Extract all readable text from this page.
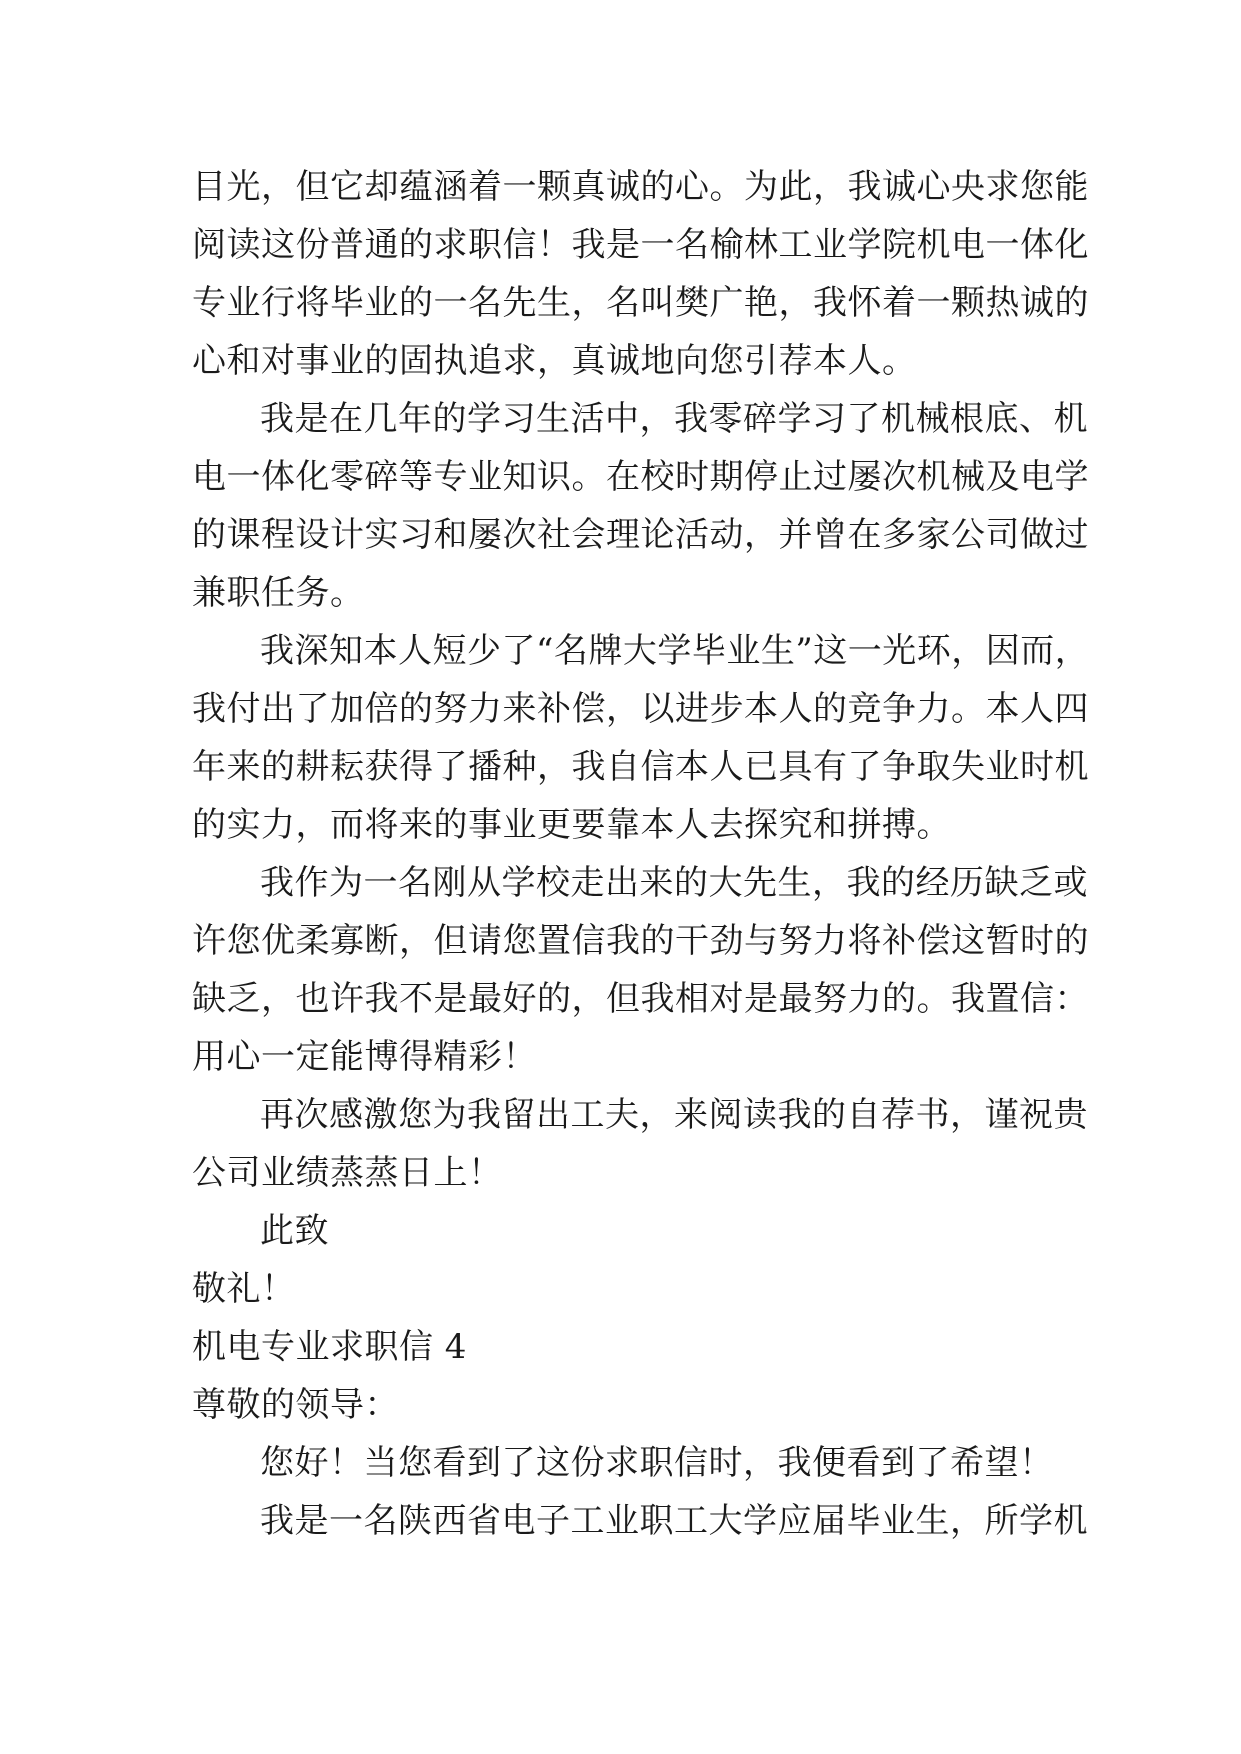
目光，但它却蕴涵着一颗真诚的心。为此，我诚心央求您能
阅读这份普通的求职信！我是一名榆林工业学院机电一体化
专业行将毕业的一名先生，名叫樊广艳，我怀着一颗热诚的
心和对事业的固执追求，真诚地向您引荐本人。
我是在几年的学习生活中，我零碎学习了机械根底、机
电一体化零碎等专业知识。在校时期停止过屡次机械及电学
的课程设计实习和屡次社会理论活动，并曾在多家公司做过
兼职任务。
我深知本人短少了“名牌大学毕业生”这一光环，因而，
我付出了加倍的努力来补偿，以进步本人的竞争力。本人四
年来的耕耘获得了播种，我自信本人已具有了争取失业时机
的实力，而将来的事业更要靠本人去探究和拼搏。
我作为一名刚从学校走出来的大先生，我的经历缺乏或
许您优柔寡断，但请您置信我的干劲与努力将补偿这暂时的
缺乏，也许我不是最好的，但我相对是最努力的。我置信：
用心一定能博得精彩！
再次感激您为我留出工夫，来阅读我的自荐书，谨祝贵
公司业绩蒸蒸日上！
此致
敬礼！
机电专业求职信 4
尊敬的领导：
您好！当您看到了这份求职信时，我便看到了希望！
我是一名陕西省电子工业职工大学应届毕业生，所学机
